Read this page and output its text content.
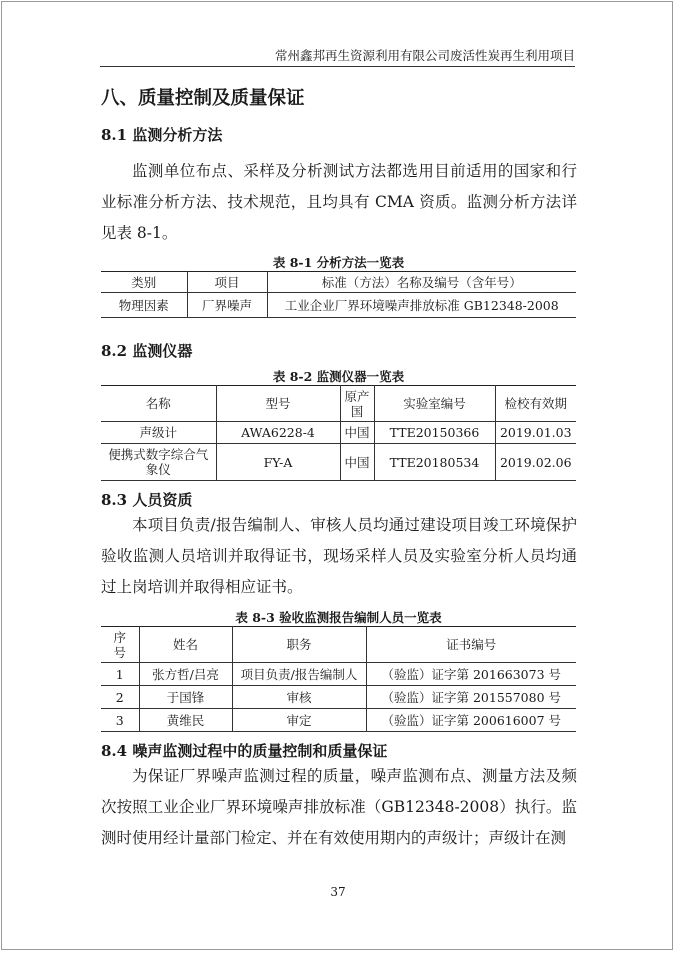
常州鑫邦再生资源利用有限公司废活性炭再生利用项目
八、质量控制及质量保证
8.1 监测分析方法
监测单位布点、采样及分析测试方法都选用目前适用的国家和行业标准分析方法、技术规范，且均具有 CMA 资质。监测分析方法详见表 8-1。
表 8-1 分析方法一览表
类别	项目	标准（方法）名称及编号（含年号）
物理因素	厂界噪声	工业企业厂界环境噪声排放标准 GB12348-2008
8.2 监测仪器
表 8-2 监测仪器一览表
名称	型号	原产国	实验室编号	检校有效期
声级计	AWA6228-4	中国	TTE20150366	2019.01.03
便携式数字综合气象仪	FY-A	中国	TTE20180534	2019.02.06
8.3 人员资质
本项目负责/报告编制人、审核人员均通过建设项目竣工环境保护验收监测人员培训并取得证书，现场采样人员及实验室分析人员均通过上岗培训并取得相应证书。
表 8-3 验收监测报告编制人员一览表
序号	姓名	职务	证书编号
1	张方哲/吕亮	项目负责/报告编制人	（验监）证字第 201663073 号
2	于国锋	审核	（验监）证字第 201557080 号
3	黄维民	审定	（验监）证字第 200616007 号
8.4 噪声监测过程中的质量控制和质量保证
为保证厂界噪声监测过程的质量，噪声监测布点、测量方法及频次按照工业企业厂界环境噪声排放标准（GB12348-2008）执行。监测时使用经计量部门检定、并在有效使用期内的声级计；声级计在测
37
